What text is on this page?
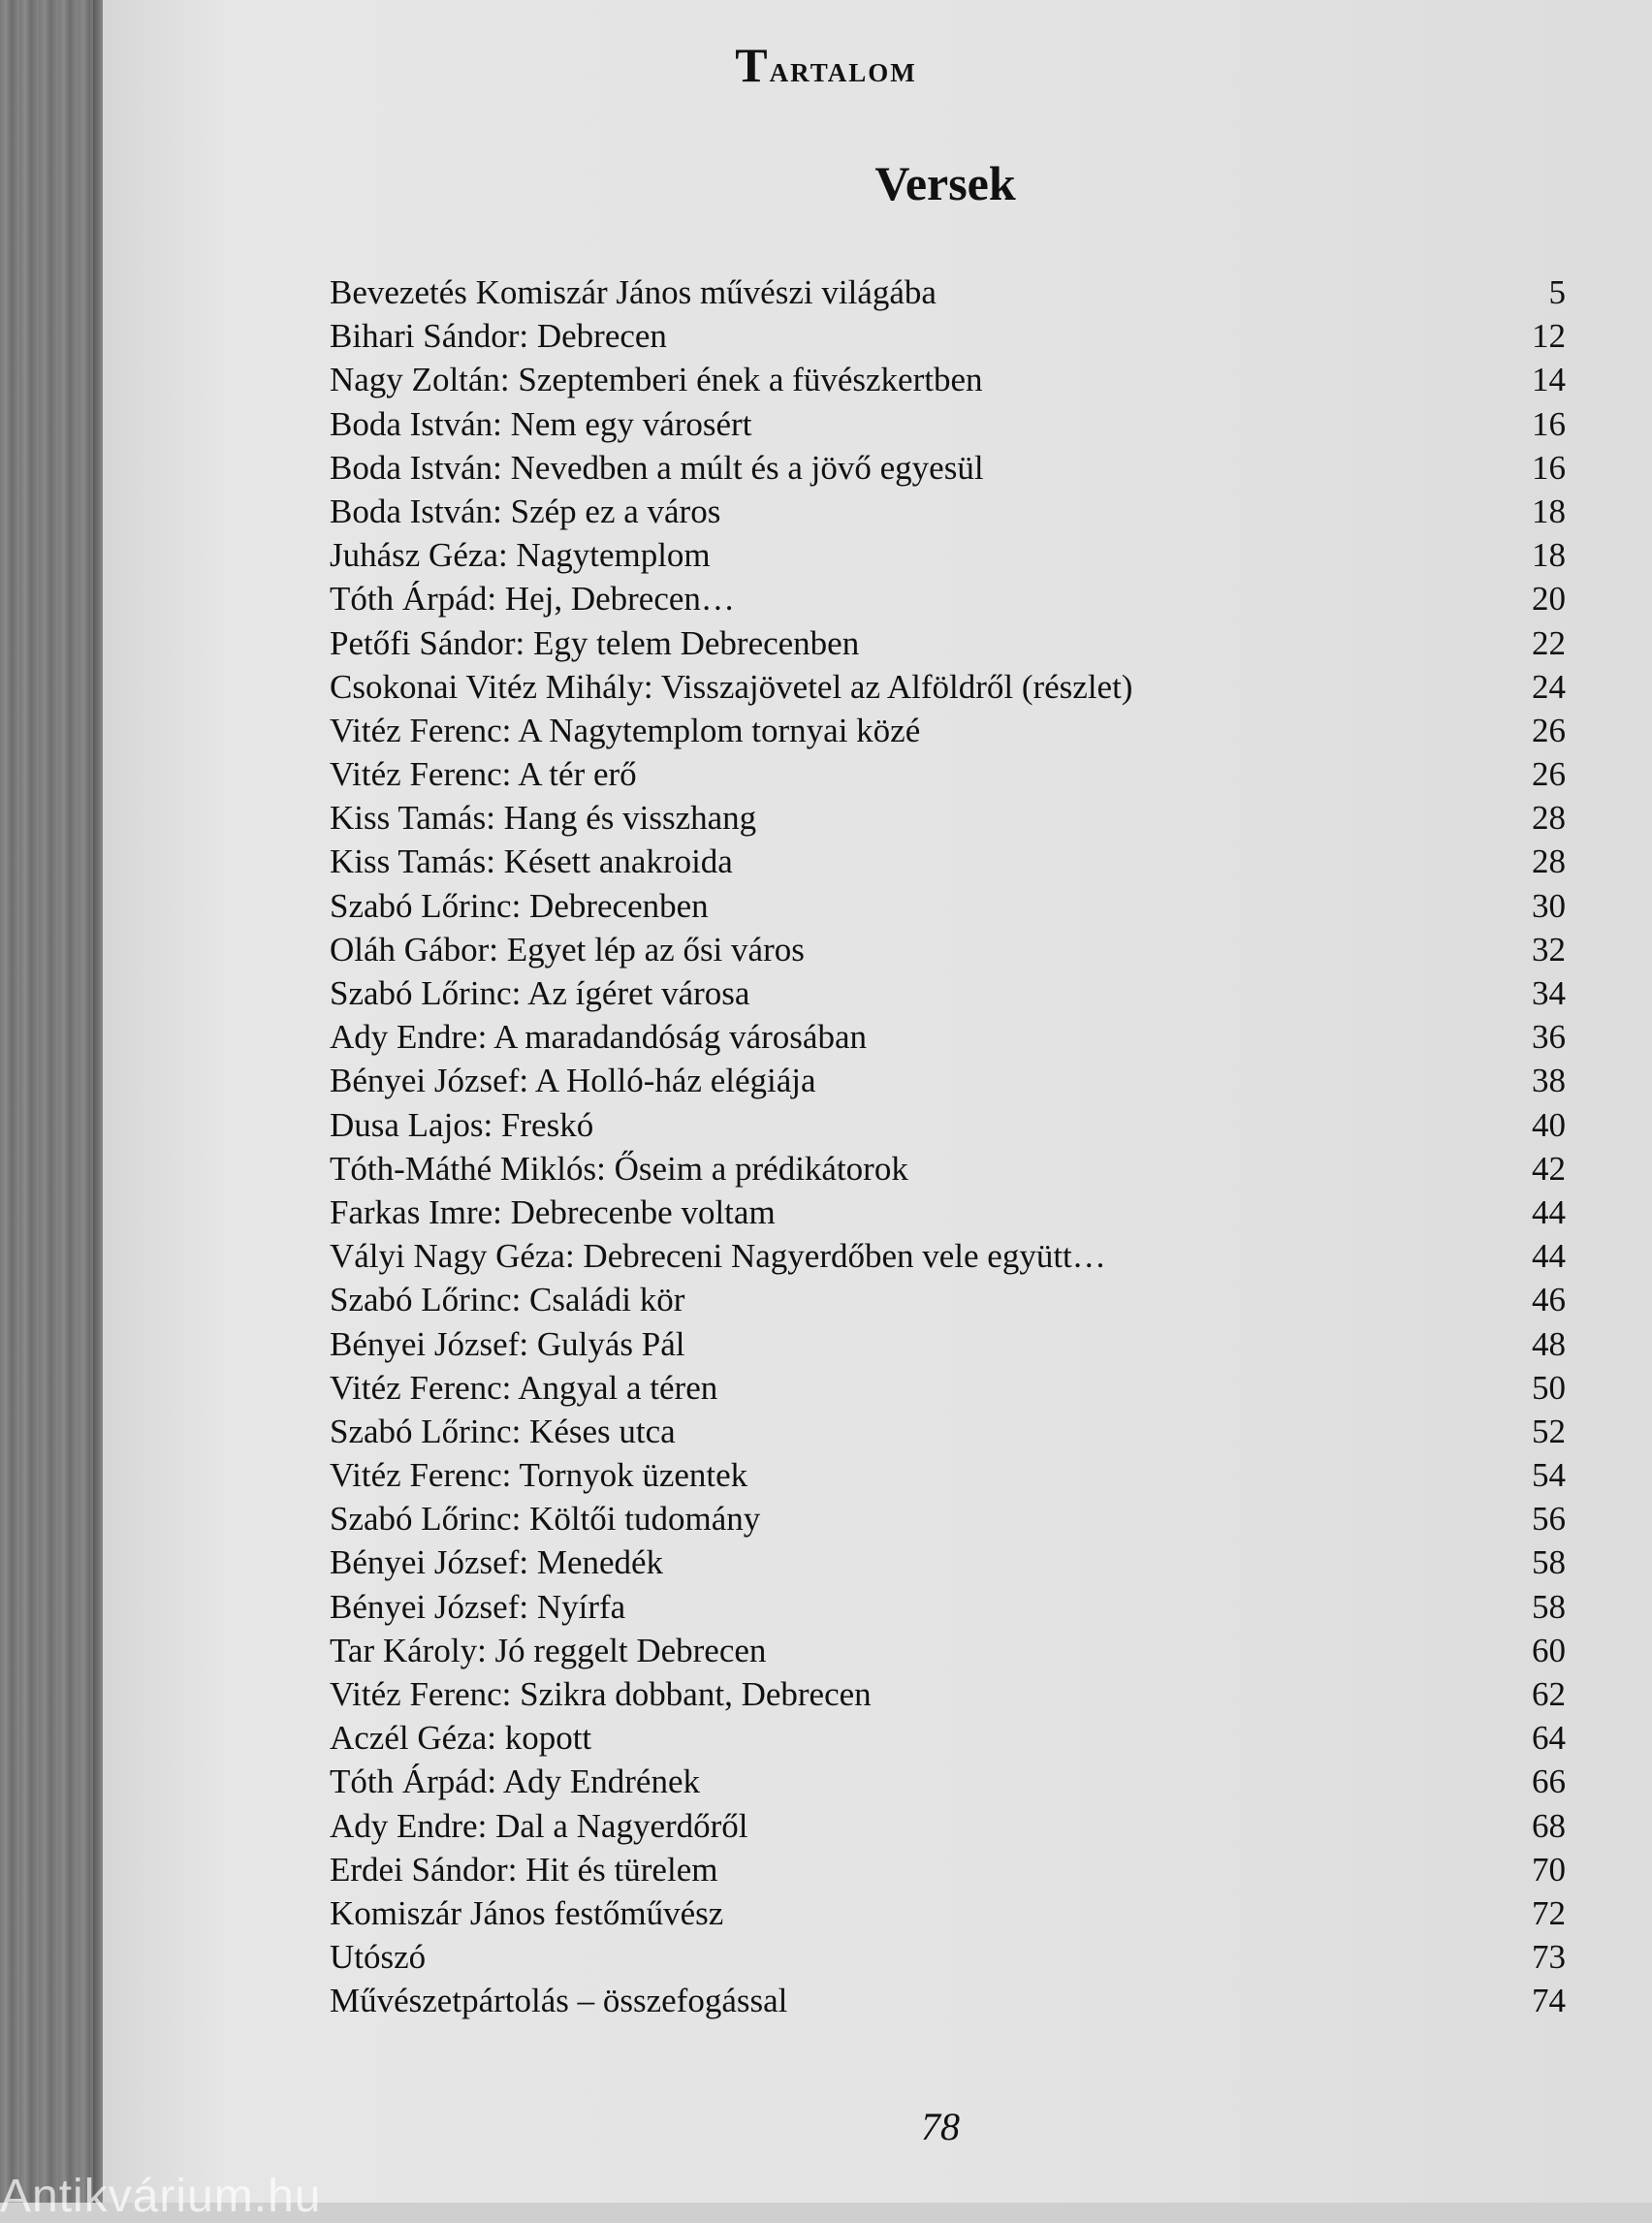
Tartalom
Versek
Bevezetés Komiszár János művészi világába	5
Bihari Sándor: Debrecen	12
Nagy Zoltán: Szeptemberi ének a füvészkertben	14
Boda István: Nem egy városért	16
Boda István: Nevedben a múlt és a jövő egyesül	16
Boda István: Szép ez a város	18
Juhász Géza: Nagytemplom	18
Tóth Árpád: Hej, Debrecen…	20
Petőfi Sándor: Egy telem Debrecenben	22
Csokonai Vitéz Mihály: Visszajövetel az Alföldről (részlet)	24
Vitéz Ferenc: A Nagytemplom tornyai közé	26
Vitéz Ferenc: A tér erő	26
Kiss Tamás: Hang és visszhang	28
Kiss Tamás: Késett anakroida	28
Szabó Lőrinc: Debrecenben	30
Oláh Gábor: Egyet lép az ősi város	32
Szabó Lőrinc: Az ígéret városa	34
Ady Endre: A maradandóság városában	36
Bényei József: A Holló-ház elégiája	38
Dusa Lajos: Freskó	40
Tóth-Máthé Miklós: Őseim a prédikátorok	42
Farkas Imre: Debrecenbe voltam	44
Vályi Nagy Géza: Debreceni Nagyerdőben vele együtt…	44
Szabó Lőrinc: Családi kör	46
Bényei József: Gulyás Pál	48
Vitéz Ferenc: Angyal a téren	50
Szabó Lőrinc: Késes utca	52
Vitéz Ferenc: Tornyok üzentek	54
Szabó Lőrinc: Költői tudomány	56
Bényei József: Menedék	58
Bényei József: Nyírfa	58
Tar Károly: Jó reggelt Debrecen	60
Vitéz Ferenc: Szikra dobbant, Debrecen	62
Aczél Géza: kopott	64
Tóth Árpád: Ady Endrének	66
Ady Endre: Dal a Nagyerdőről	68
Erdei Sándor: Hit és türelem	70
Komiszár János festőművész	72
Utószó	73
Művészetpártolás – összefogással	74
78
Antikvárium.hu
